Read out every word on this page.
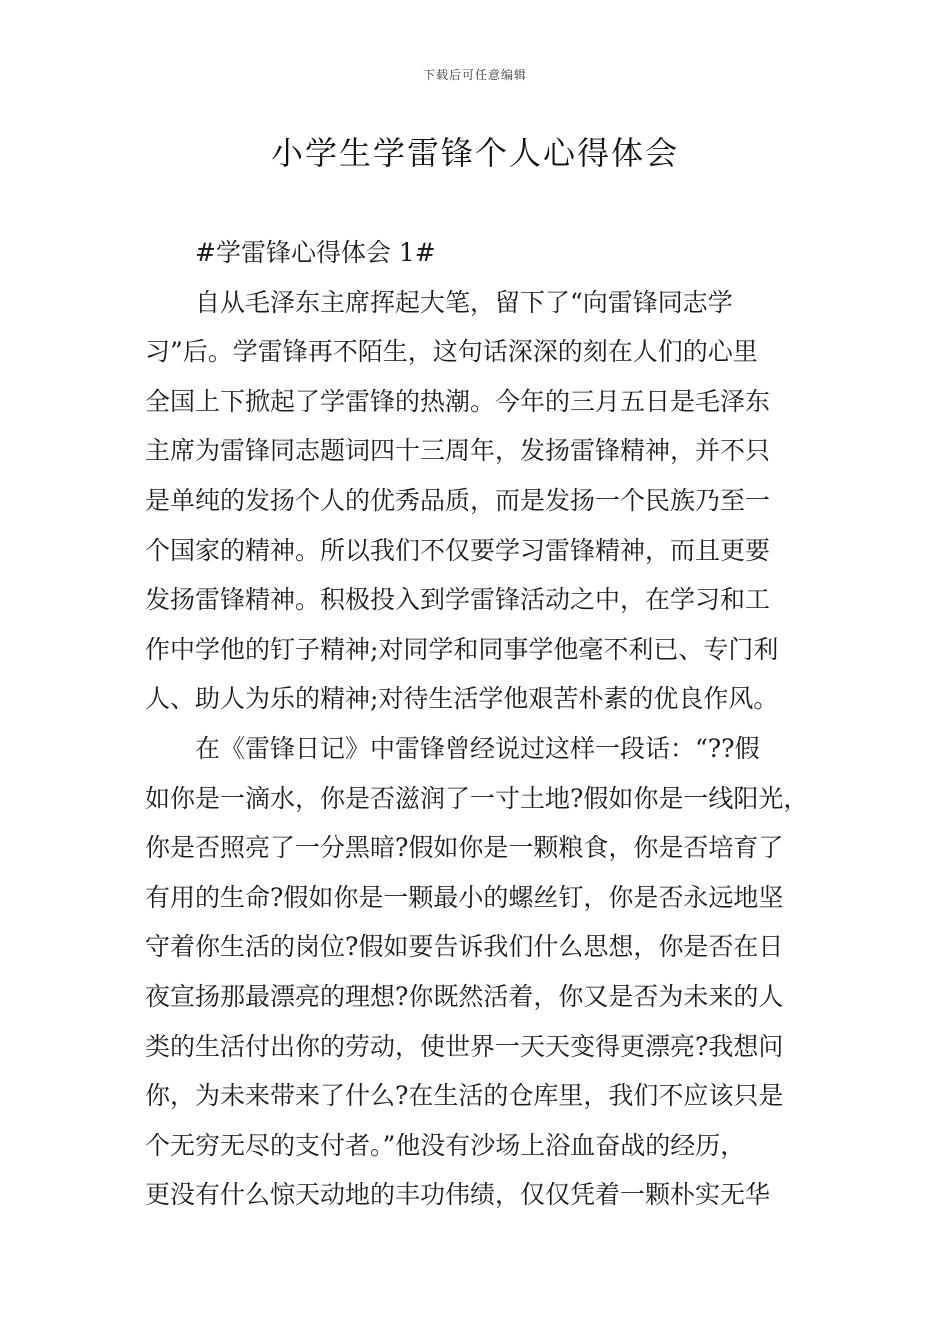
下载后可任意编辑
小学生学雷锋个人心得体会

#学雷锋心得体会 1#

自从毛泽东主席挥起大笔，留下了“向雷锋同志学

习”后。学雷锋再不陌生，这句话深深的刻在人们的心里

全国上下掀起了学雷锋的热潮。今年的三月五日是毛泽东

主席为雷锋同志题词四十三周年，发扬雷锋精神，并不只

是单纯的发扬个人的优秀品质，而是发扬一个民族乃至一

个国家的精神。所以我们不仅要学习雷锋精神，而且更要

发扬雷锋精神。积极投入到学雷锋活动之中，在学习和工

作中学他的钉子精神;对同学和同事学他毫不利已、专门利

人、助人为乐的精神;对待生活学他艰苦朴素的优良作风。

在《雷锋日记》中雷锋曾经说过这样一段话：“??假

如你是一滴水，你是否滋润了一寸土地?假如你是一线阳光，

你是否照亮了一分黑暗?假如你是一颗粮食，你是否培育了

有用的生命?假如你是一颗最小的螺丝钉，你是否永远地坚

守着你生活的岗位?假如要告诉我们什么思想，你是否在日

夜宣扬那最漂亮的理想?你既然活着，你又是否为未来的人

类的生活付出你的劳动，使世界一天天变得更漂亮?我想问

你，为未来带来了什么?在生活的仓库里，我们不应该只是

个无穷无尽的支付者。”他没有沙场上浴血奋战的经历，

更没有什么惊天动地的丰功伟绩，仅仅凭着一颗朴实无华
